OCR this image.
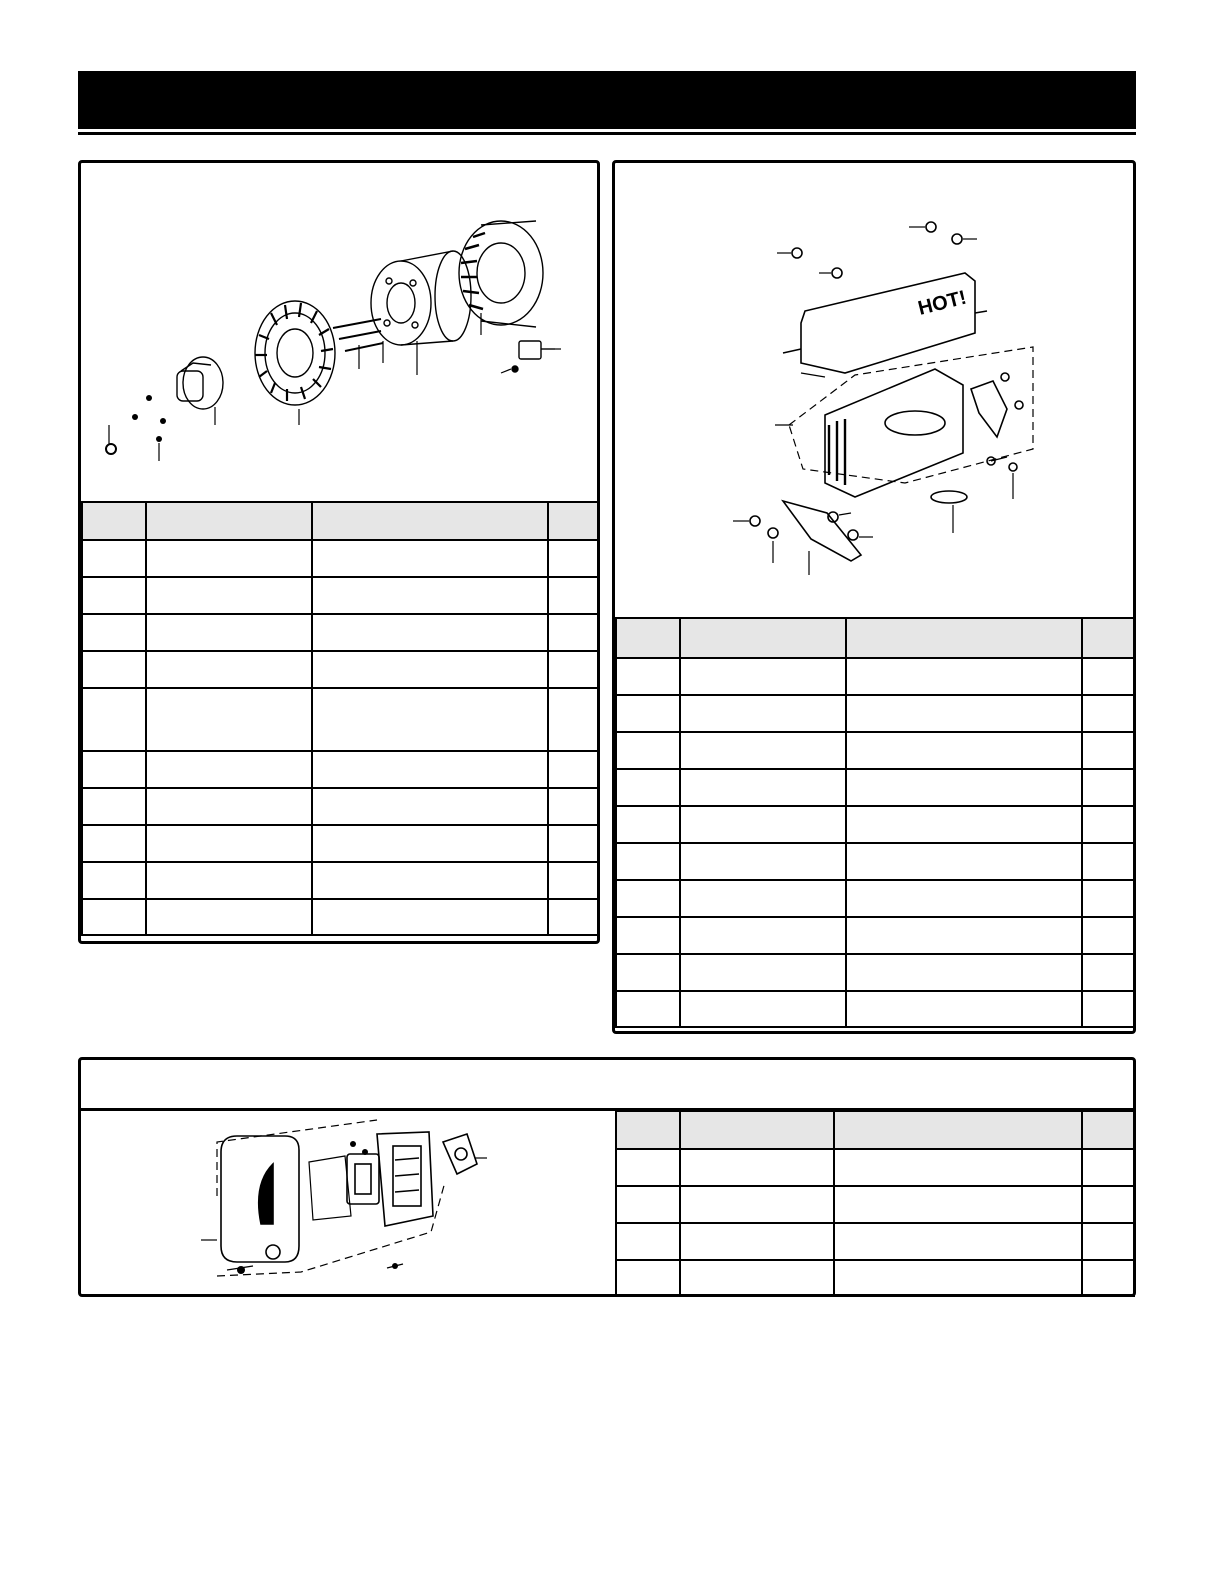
HOT!
